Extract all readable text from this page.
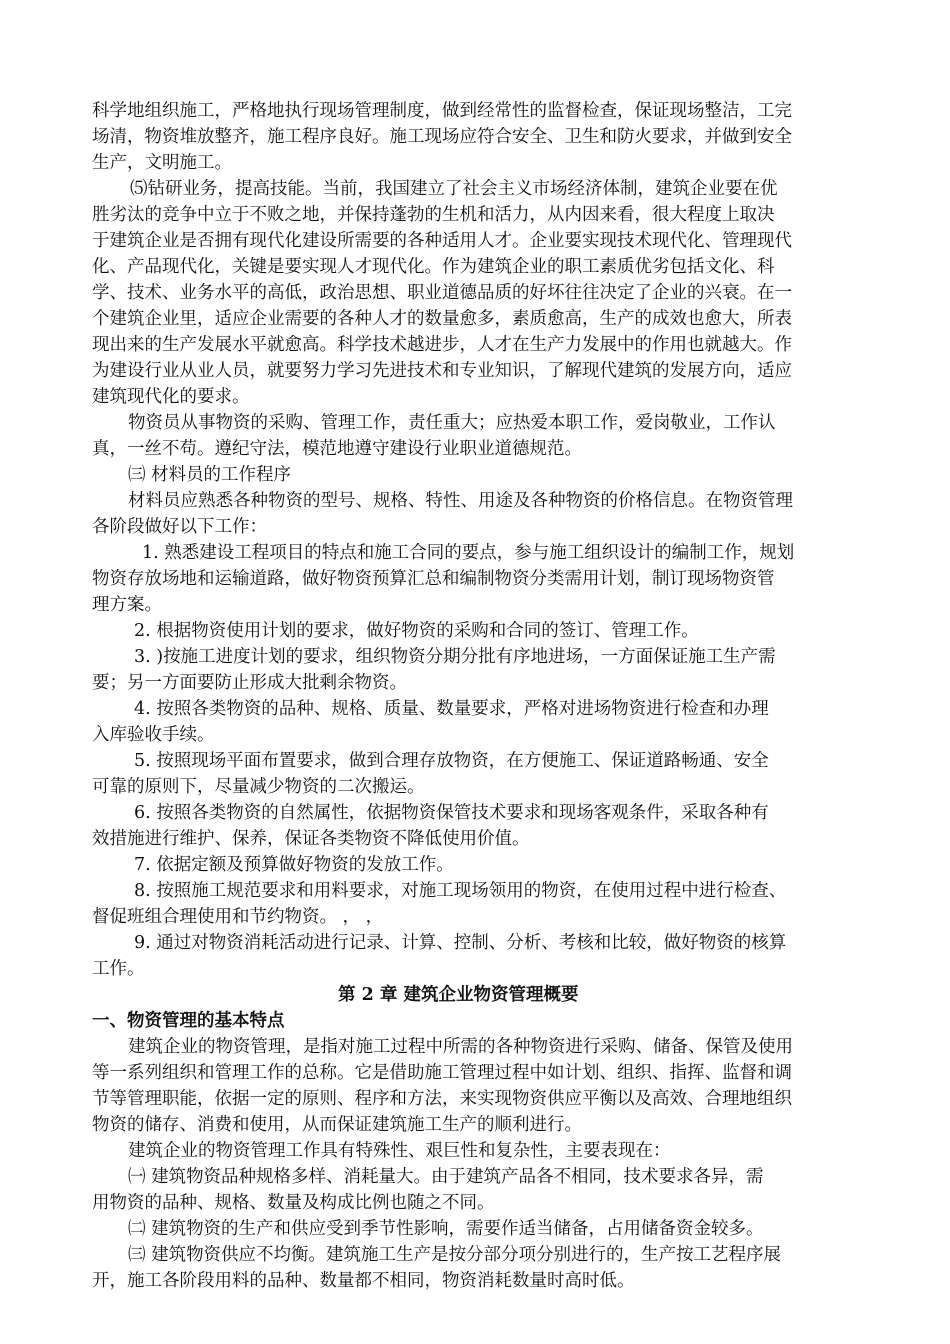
科学地组织施工，严格地执行现场管理制度，做到经常性的监督检查，保证现场整洁，工完
场清，物资堆放整齐，施工程序良好。施工现场应符合安全、卫生和防火要求，并做到安全
生产，文明施工。
⑸钻研业务，提高技能。当前，我国建立了社会主义市场经济体制，建筑企业要在优
胜劣汰的竞争中立于不败之地，并保持蓬勃的生机和活力，从内因来看，很大程度上取决
于建筑企业是否拥有现代化建设所需要的各种适用人才。企业要实现技术现代化、管理现代
化、产品现代化，关键是要实现人才现代化。作为建筑企业的职工素质优劣包括文化、科
学、技术、业务水平的高低，政治思想、职业道德品质的好坏往往决定了企业的兴衰。在一
个建筑企业里，适应企业需要的各种人才的数量愈多，素质愈高，生产的成效也愈大，所表
现出来的生产发展水平就愈高。科学技术越进步，人才在生产力发展中的作用也就越大。作
为建设行业从业人员，就要努力学习先进技术和专业知识，了解现代建筑的发展方向，适应
建筑现代化的要求。
物资员从事物资的采购、管理工作，责任重大；应热爱本职工作，爱岗敬业，工作认
真，一丝不苟。遵纪守法，模范地遵守建设行业职业道德规范。
㈢ 材料员的工作程序
材料员应熟悉各种物资的型号、规格、特性、用途及各种物资的价格信息。在物资管理
各阶段做好以下工作：
1. 熟悉建设工程项目的特点和施工合同的要点，参与施工组织设计的编制工作，规划
物资存放场地和运输道路，做好物资预算汇总和编制物资分类需用计划，制订现场物资管
理方案。
2. 根据物资使用计划的要求，做好物资的采购和合同的签订、管理工作。
3. )按施工进度计划的要求，组织物资分期分批有序地进场，一方面保证施工生产需
要；另一方面要防止形成大批剩余物资。
4. 按照各类物资的品种、规格、质量、数量要求，严格对进场物资进行检查和办理
入库验收手续。
5. 按照现场平面布置要求，做到合理存放物资，在方便施工、保证道路畅通、安全
可靠的原则下，尽量减少物资的二次搬运。
6. 按照各类物资的自然属性，依据物资保管技术要求和现场客观条件，采取各种有
效措施进行维护、保养，保证各类物资不降低使用价值。
7. 依据定额及预算做好物资的发放工作。
8. 按照施工规范要求和用料要求，对施工现场领用的物资，在使用过程中进行检查、
督促班组合理使用和节约物资。 ， ，
9. 通过对物资消耗活动进行记录、计算、控制、分析、考核和比较，做好物资的核算
工作。
第 2 章 建筑企业物资管理概要
一、物资管理的基本特点
建筑企业的物资管理，是指对施工过程中所需的各种物资进行采购、储备、保管及使用
等一系列组织和管理工作的总称。它是借助施工管理过程中如计划、组织、指挥、监督和调
节等管理职能，依据一定的原则、程序和方法，来实现物资供应平衡以及高效、合理地组织
物资的储存、消费和使用，从而保证建筑施工生产的顺利进行。
建筑企业的物资管理工作具有特殊性、艰巨性和复杂性，主要表现在：
㈠ 建筑物资品种规格多样、消耗量大。由于建筑产品各不相同，技术要求各异，需
用物资的品种、规格、数量及构成比例也随之不同。
㈡ 建筑物资的生产和供应受到季节性影响，需要作适当储备，占用储备资金较多。
㈢ 建筑物资供应不均衡。建筑施工生产是按分部分项分别进行的，生产按工艺程序展
开，施工各阶段用料的品种、数量都不相同，物资消耗数量时高时低。
